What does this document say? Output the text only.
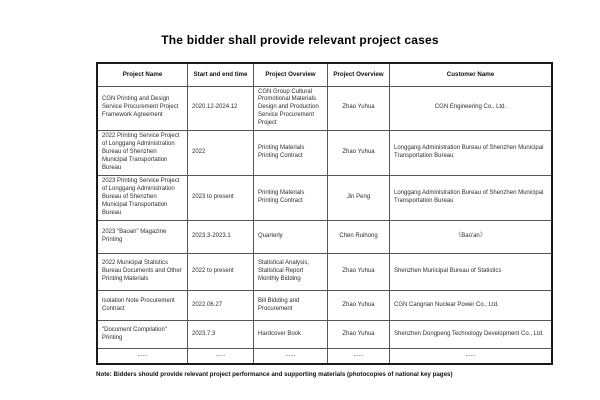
The bidder shall provide relevant project cases
Project Name	Start and end time	Project Overview	Project Overview	Customer Name
CGN Printing and Design Service Procurement Project Framework Agreement	2020.12-2024.12	CGN Group Cultural Promotional Materials Design and Production Service Procurement Project	Zhao Yuhua	CGN Engineering Co., Ltd.
2022 Printing Service Project of Longgang Administration Bureau of Shenzhen Municipal Transportation Bureau	2022	Printing Materials Printing Contract	Zhao Yuhua	Longgang Administration Bureau of Shenzhen Municipal Transportation Bureau
2023 Printing Service Project of Longgang Administration Bureau of Shenzhen Municipal Transportation Bureau	2023 to present	Printing Materials Printing Contract	Jin Peng	Longgang Administration Bureau of Shenzhen Municipal Transportation Bureau
2023 "Baoan" Magazine Printing	2023.3-2023.1	Quarterly	Chen Ruihong	《Bao'an》
2022 Municipal Statistics Bureau Documents and Other Printing Materials	2022 to present	Statistical Analysis, Statistical Report Monthly Bidding	Zhao Yuhua	Shenzhen Municipal Bureau of Statistics
Isolation Note Procurement Contract	2022.06.27	Bill Bidding and Procurement	Zhao Yuhua	CGN Cangnan Nuclear Power Co., Ltd.
"Document Compilation" Printing	2023.7.3	Hardcover Book	Zhao Yuhua	Shenzhen Dongpeng Technology Development Co., Ltd.
......	......	......	......	......
Note: Bidders should provide relevant project performance and supporting materials (photocopies of national key pages)
